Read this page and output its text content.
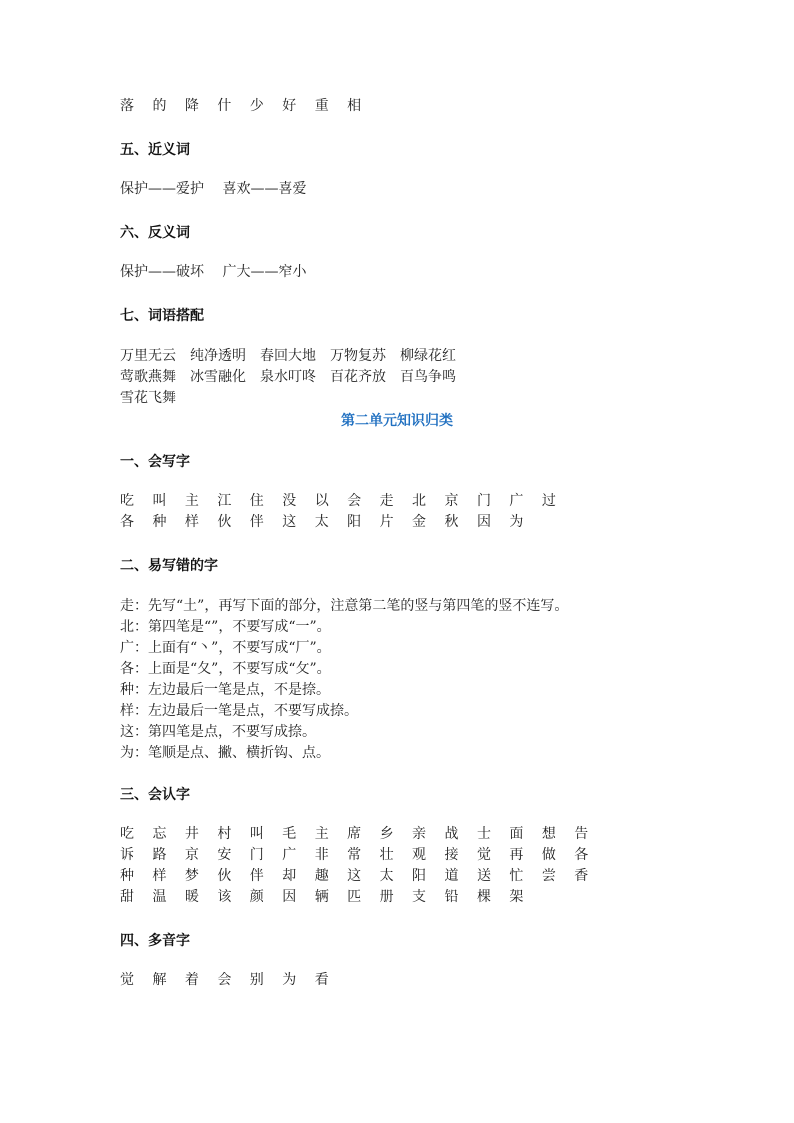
落 的 降 什 少 好 重 相
五、近义词
保护——爱护　 喜欢——喜爱
六、反义词
保护——破坏　 广大——窄小
七、词语搭配
万里无云　纯净透明　春回大地　万物复苏　柳绿花红
莺歌燕舞　冰雪融化　泉水叮咚　百花齐放　百鸟争鸣
雪花飞舞
第二单元知识归类
一、会写字
吃 叫 主 江 住 没 以 会 走 北 京 门 广 过
各 种 样 伙 伴 这 太 阳 片 金 秋 因 为
二、易写错的字
走：先写“土”，再写下面的部分，注意第二笔的竖与第四笔的竖不连写。
北：第四笔是“”，不要写成“一”。
广：上面有“丶”，不要写成“厂”。
各：上面是“夂”，不要写成“攵”。
种：左边最后一笔是点，不是捺。
样：左边最后一笔是点，不要写成捺。
这：第四笔是点，不要写成捺。
为：笔顺是点、撇、横折钩、点。
三、会认字
吃 忘 井 村 叫 毛 主 席 乡 亲 战 士 面 想 告
诉 路 京 安 门 广 非 常 壮 观 接 觉 再 做 各
种 样 梦 伙 伴 却 趣 这 太 阳 道 送 忙 尝 香
甜 温 暖 该 颜 因 辆 匹 册 支 铅 棵 架
四、多音字
觉 解 着 会 别 为 看
